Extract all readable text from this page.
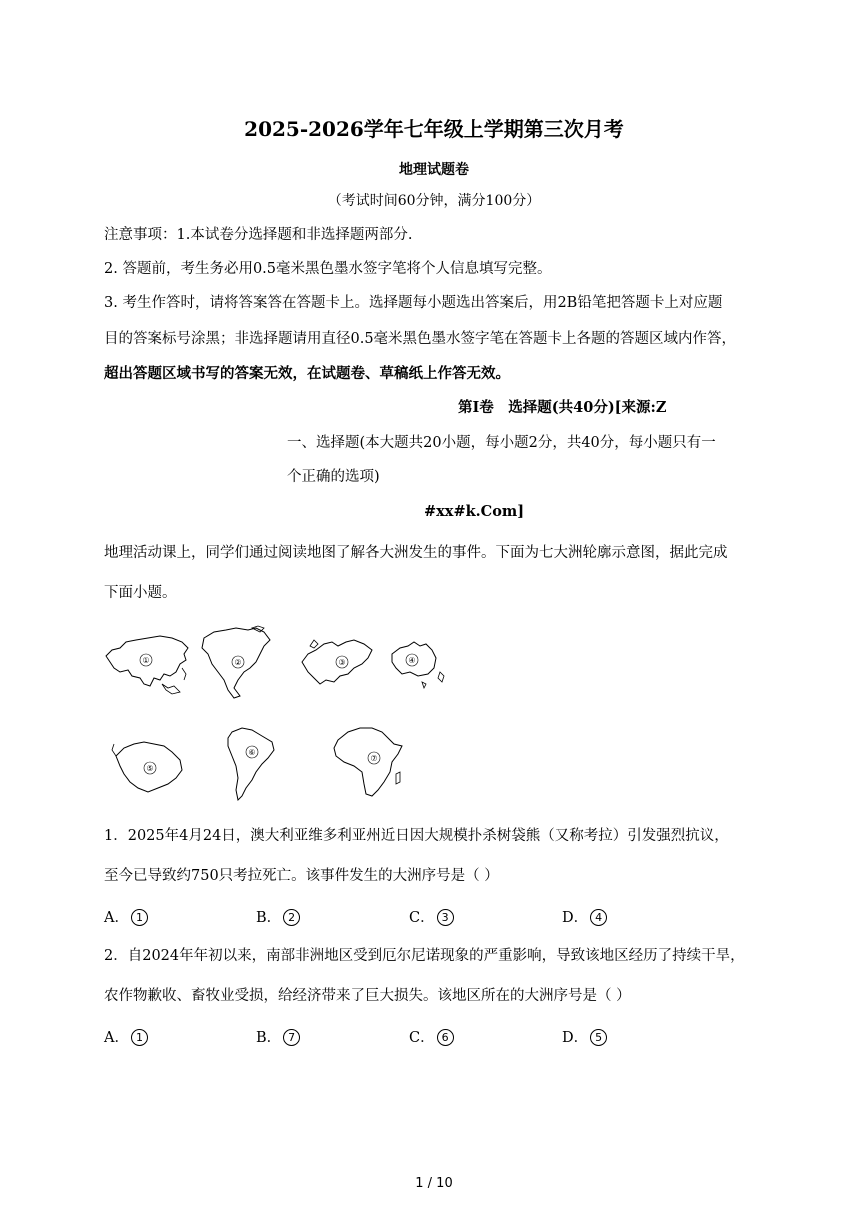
2025-2026学年七年级上学期第三次月考
地理试题卷
（考试时间60分钟，满分100分）
注意事项：1.本试卷分选择题和非选择题两部分.
2. 答题前，考生务必用0.5毫米黑色墨水签字笔将个人信息填写完整。
3. 考生作答时，请将答案答在答题卡上。选择题每小题选出答案后，用2B铅笔把答题卡上对应题
目的答案标号涂黑；非选择题请用直径0.5毫米黑色墨水签字笔在答题卡上各题的答题区域内作答，
超出答题区域书写的答案无效，在试题卷、草稿纸上作答无效。
第Ⅰ卷　选择题(共40分)[来源:Z
一、选择题(本大题共20小题，每小题2分，共40分，每小题只有一
个正确的选项)
#xx#k.Com]
地理活动课上，同学们通过阅读地图了解各大洲发生的事件。下面为七大洲轮廓示意图，据此完成
下面小题。
①	②	③	④
⑤
⑥
⑦
1．2025年4月24日，澳大利亚维多利亚州近日因大规模扑杀树袋熊（又称考拉）引发强烈抗议，
至今已导致约750只考拉死亡。该事件发生的大洲序号是（ ）
A． 1	B． 2	C． 3	D． 4
2．自2024年年初以来，南部非洲地区受到厄尔尼诺现象的严重影响，导致该地区经历了持续干旱，
农作物歉收、畜牧业受损，给经济带来了巨大损失。该地区所在的大洲序号是（ ）
A． 1	B． 7	C． 6	D． 5
1 / 10
